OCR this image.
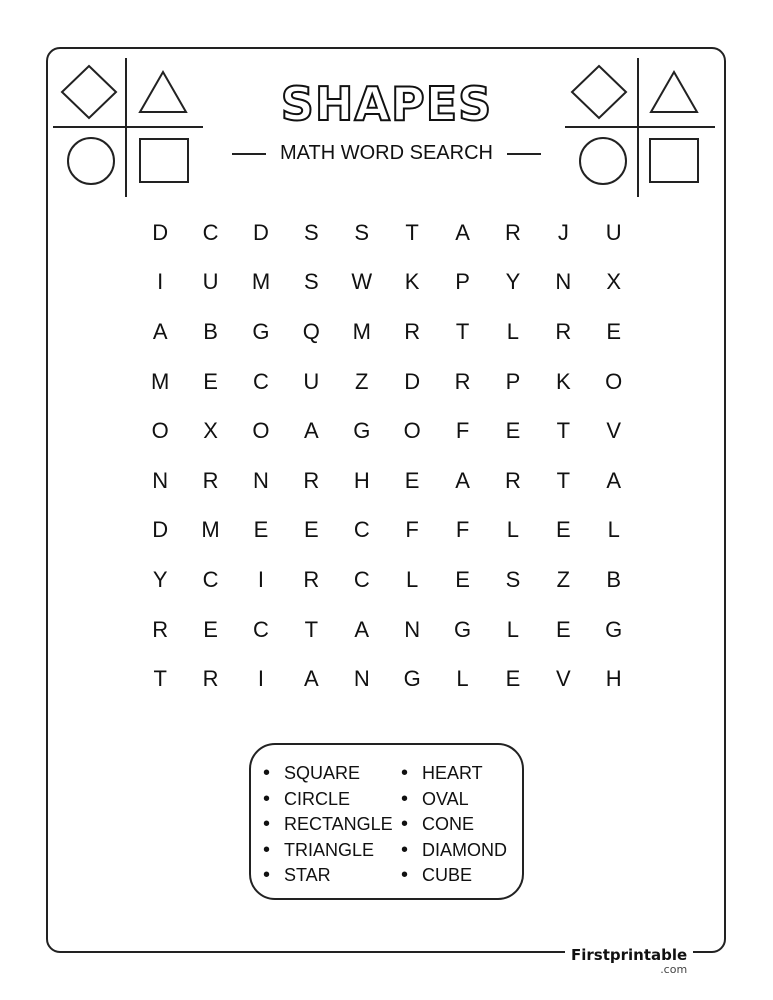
SHAPES
MATH WORD SEARCH
D	C	D	S	S	T	A	R	J	U
I	U	M	S	W	K	P	Y	N	X
A	B	G	Q	M	R	T	L	R	E
M	E	C	U	Z	D	R	P	K	O
O	X	O	A	G	O	F	E	T	V
N	R	N	R	H	E	A	R	T	A
D	M	E	E	C	F	F	L	E	L
Y	C	I	R	C	L	E	S	Z	B
R	E	C	T	A	N	G	L	E	G
T	R	I	A	N	G	L	E	V	H
• SQUARE
• CIRCLE
• RECTANGLE
• TRIANGLE
• STAR
• HEART
• OVAL
• CONE
• DIAMOND
• CUBE
Firstprintable
.com
